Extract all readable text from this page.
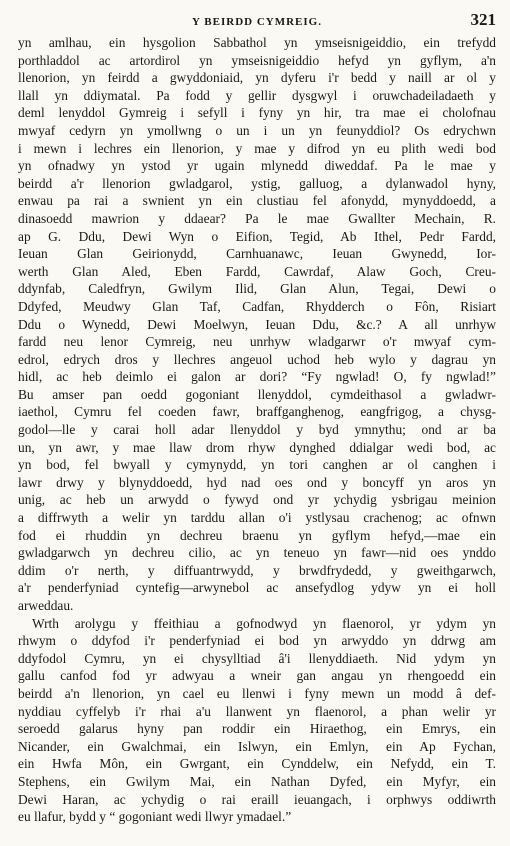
Y BEIRDD CYMREIG.	321
yn amlhau, ein hysgolion Sabbathol yn ymseisnigeiddio, ein trefydd
porthladdol ac artordirol yn ymseisnigeiddio hefyd yn gyflym, a'n
llenorion, yn feirdd a gwyddoniaid, yn dyferu i'r bedd y naill ar ol y
llall yn ddiymatal. Pa fodd y gellir dysgwyl i oruwchadeiladaeth y
deml lenyddol Gymreig i sefyll i fyny yn hir, tra mae ei cholofnau
mwyaf cedyrn yn ymollwng o un i un yn feunyddiol? Os edrychwn
i mewn i lechres ein llenorion, y mae y difrod yn eu plith wedi bod
yn ofnadwy yn ystod yr ugain mlynedd diweddaf. Pa le mae y
beirdd a'r llenorion gwladgarol, ystig, galluog, a dylanwadol hyny,
enwau pa rai a swnient yn ein clustiau fel afonydd, mynyddoedd, a
dinasoedd mawrion y ddaear? Pa le mae Gwallter Mechain, R.
ap G. Ddu, Dewi Wyn o Eifion, Tegid, Ab Ithel, Pedr Fardd,
Ieuan Glan Geirionydd, Carnhuanawc, Ieuan Gwynedd, Ior-
werth Glan Aled, Eben Fardd, Cawrdaf, Alaw Goch, Creu-
ddynfab, Caledfryn, Gwilym Ilid, Glan Alun, Tegai, Dewi o
Ddyfed, Meudwy Glan Taf, Cadfan, Rhydderch o Fôn, Risiart
Ddu o Wynedd, Dewi Moelwyn, Ieuan Ddu, &c.? A all unrhyw
fardd neu lenor Cymreig, neu unrhyw wladgarwr o'r mwyaf cym-
edrol, edrych dros y llechres angeuol uchod heb wylo y dagrau yn
hidl, ac heb deimlo ei galon ar dori? “Fy ngwlad! O, fy ngwlad!”
Bu amser pan oedd gogoniant llenyddol, cymdeithasol a gwladwr-
iaethol, Cymru fel coeden fawr, braffganghenog, eangfrigog, a chysg-
godol—lle y carai holl adar llenyddol y byd ymnythu; ond ar ba
un, yn awr, y mae llaw drom rhyw dynghed ddialgar wedi bod, ac
yn bod, fel bwyall y cymynydd, yn tori canghen ar ol canghen i
lawr drwy y blynyddoedd, hyd nad oes ond y boncyff yn aros yn
unig, ac heb un arwydd o fywyd ond yr ychydig ysbrigau meinion
a diffrwyth a welir yn tarddu allan o'i ystlysau crachenog; ac ofnwn
fod ei rhuddin yn dechreu braenu yn gyflym hefyd,—mae ein
gwladgarwch yn dechreu cilio, ac yn teneuo yn fawr—nid oes ynddo
ddim o'r nerth, y diffuantrwydd, y brwdfrydedd, y gweithgarwch,
a'r penderfyniad cyntefig—arwynebol ac ansefydlog ydyw yn ei holl
arweddau.
Wrth arolygu y ffeithiau a gofnodwyd yn flaenorol, yr ydym yn
rhwym o ddyfod i'r penderfyniad ei bod yn arwyddo yn ddrwg am
ddyfodol Cymru, yn ei chysylltiad â'i llenyddiaeth. Nid ydym yn
gallu canfod fod yr adwyau a wneir gan angau yn rhengoedd ein
beirdd a'n llenorion, yn cael eu llenwi i fyny mewn un modd â def-
nyddiau cyffelyb i'r rhai a'u llanwent yn flaenorol, a phan welir yr
seroedd galarus hyny pan roddir ein Hiraethog, ein Emrys, ein
Nicander, ein Gwalchmai, ein Islwyn, ein Emlyn, ein Ap Fychan,
ein Hwfa Môn, ein Gwrgant, ein Cynddelw, ein Nefydd, ein T.
Stephens, ein Gwilym Mai, ein Nathan Dyfed, ein Myfyr, ein
Dewi Haran, ac ychydig o rai eraill ieuangach, i orphwys oddiwrth
eu llafur, bydd y “ gogoniant wedi llwyr ymadael.”
